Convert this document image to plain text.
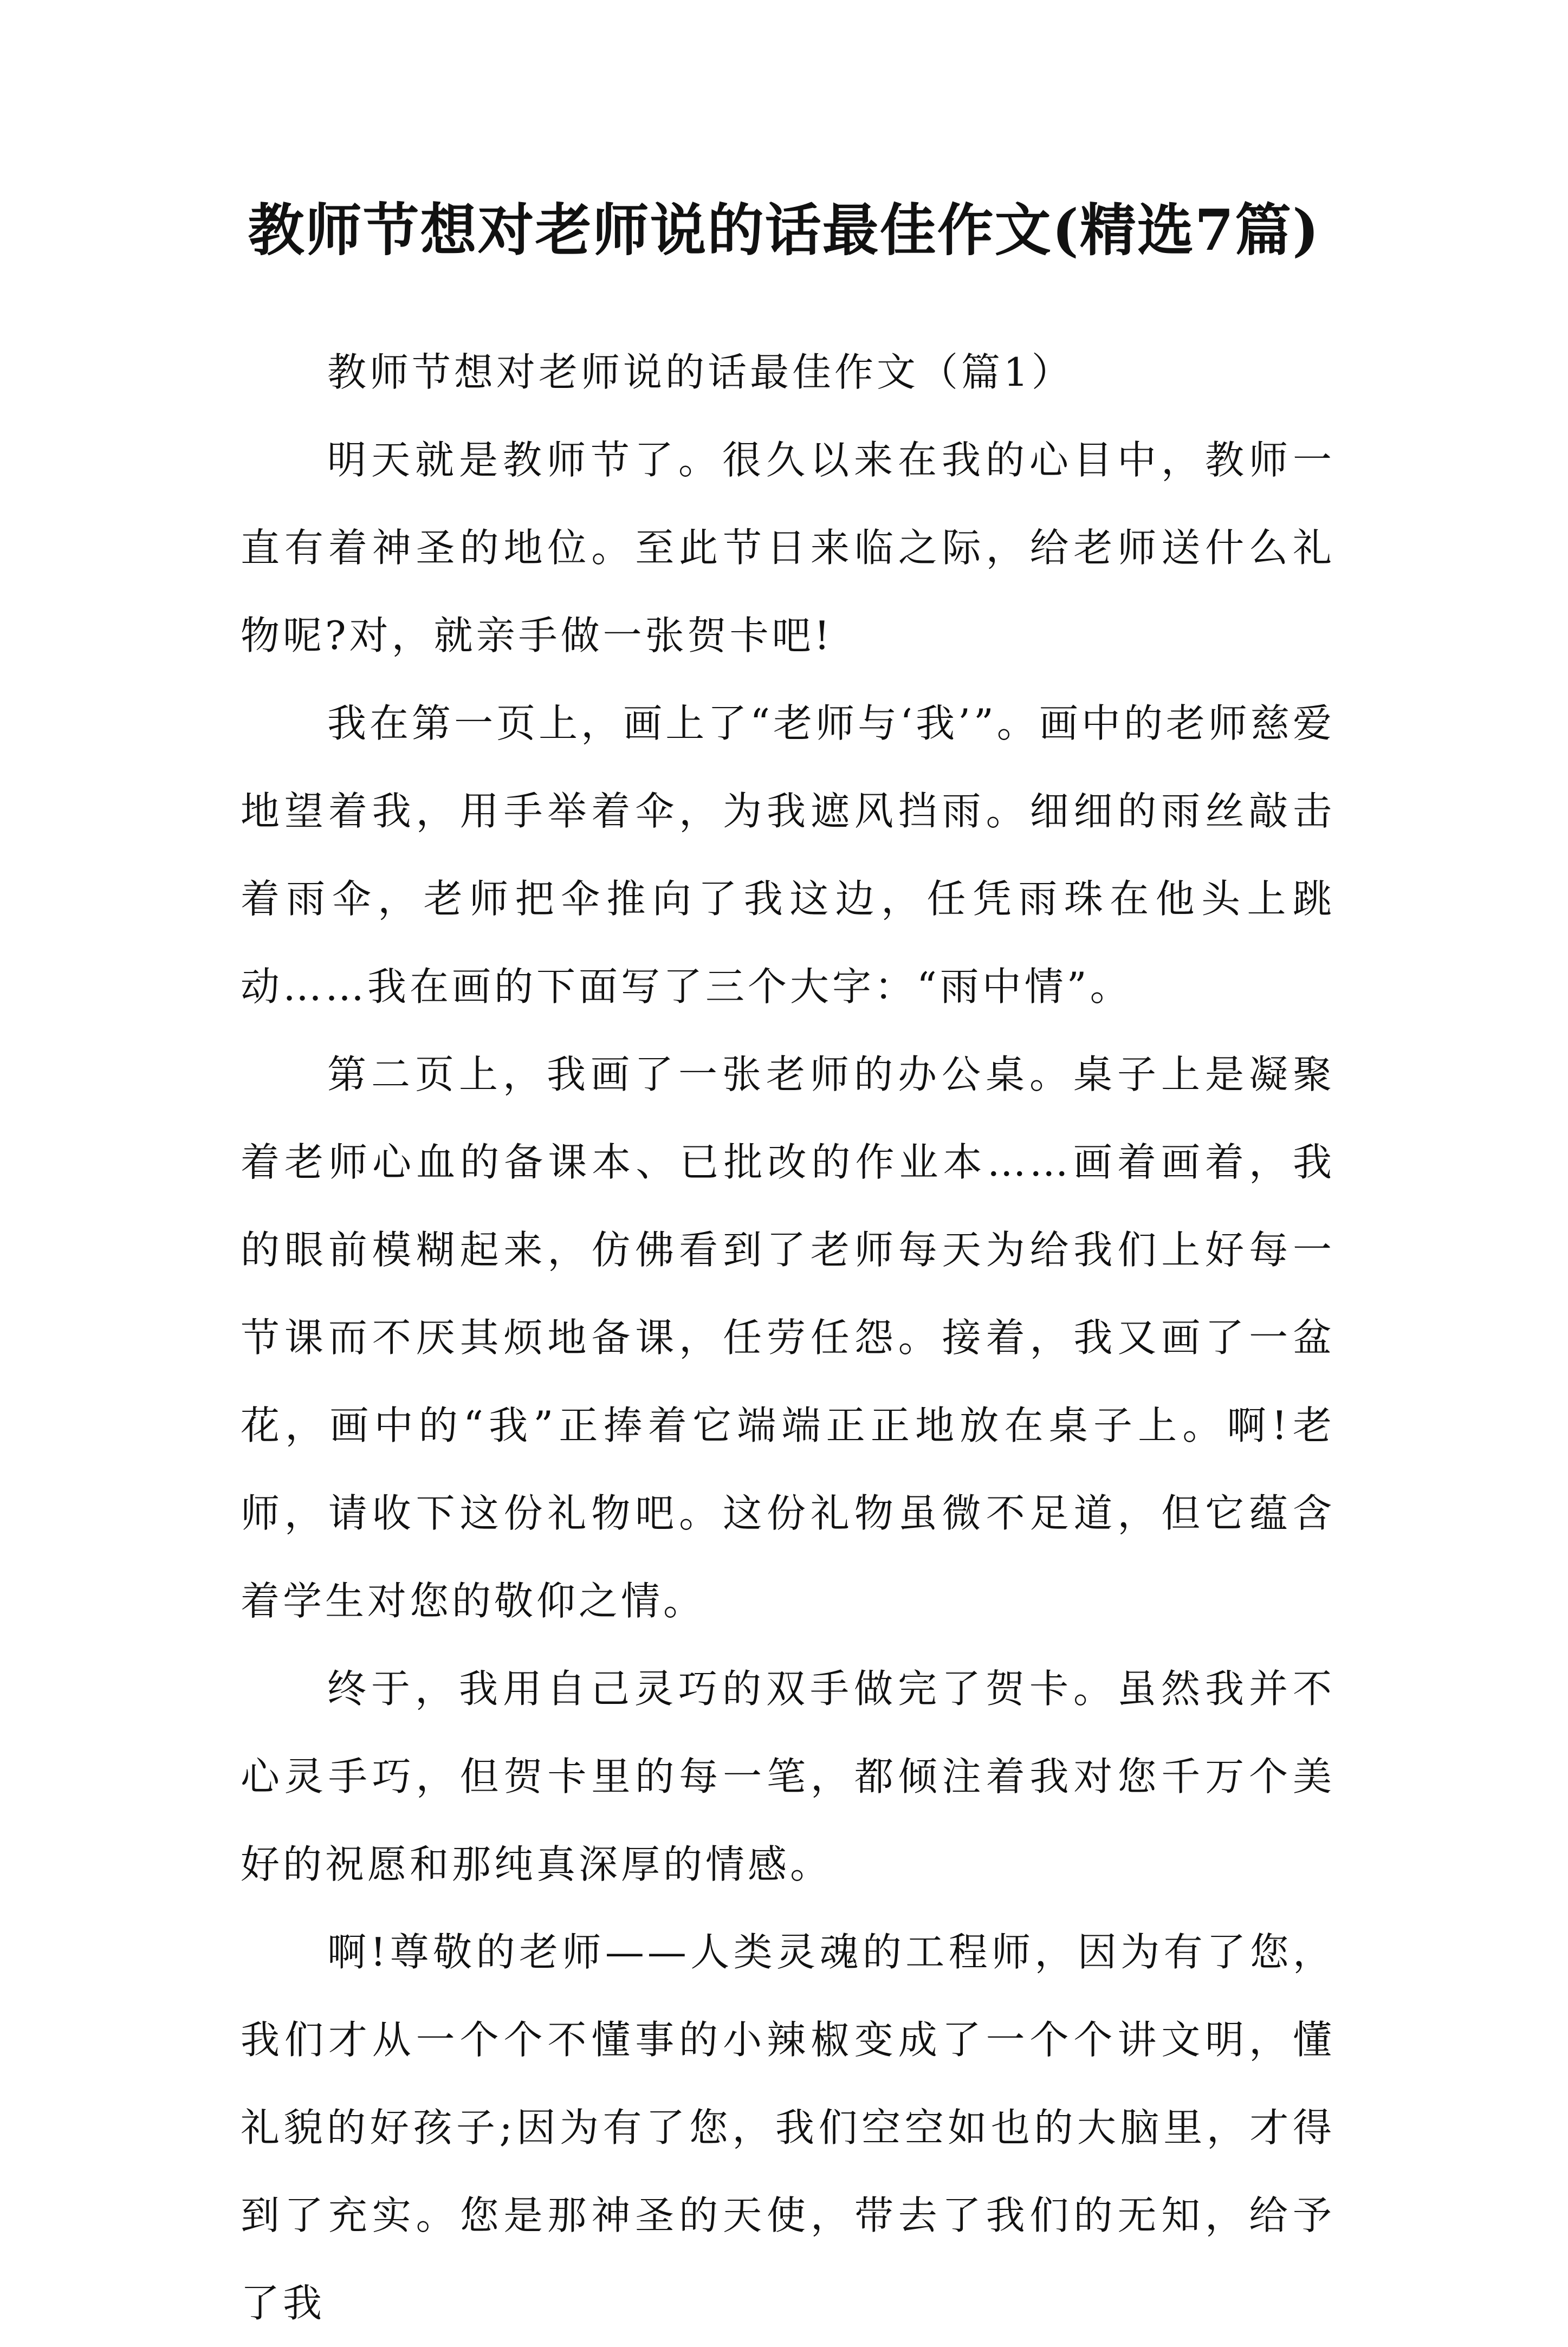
教师节想对老师说的话最佳作文(精选7篇)

教师节想对老师说的话最佳作文（篇1）

明天就是教师节了。很久以来在我的心目中，教师一直有着神圣的地位。至此节日来临之际，给老师送什么礼物呢?对，就亲手做一张贺卡吧!

我在第一页上，画上了“老师与‘我’”。画中的老师慈爱地望着我，用手举着伞，为我遮风挡雨。细细的雨丝敲击着雨伞，老师把伞推向了我这边，任凭雨珠在他头上跳动……我在画的下面写了三个大字：“雨中情”。

第二页上，我画了一张老师的办公桌。桌子上是凝聚着老师心血的备课本、已批改的作业本……画着画着，我的眼前模糊起来，仿佛看到了老师每天为给我们上好每一节课而不厌其烦地备课，任劳任怨。接着，我又画了一盆花，画中的“我”正捧着它端端正正地放在桌子上。啊!老师，请收下这份礼物吧。这份礼物虽微不足道，但它蕴含着学生对您的敬仰之情。

终于，我用自己灵巧的双手做完了贺卡。虽然我并不心灵手巧，但贺卡里的每一笔，都倾注着我对您千万个美好的祝愿和那纯真深厚的情感。

啊!尊敬的老师——人类灵魂的工程师，因为有了您，我们才从一个个不懂事的小辣椒变成了一个个讲文明，懂礼貌的好孩子;因为有了您，我们空空如也的大脑里，才得到了充实。您是那神圣的天使，带去了我们的无知，给予了我
